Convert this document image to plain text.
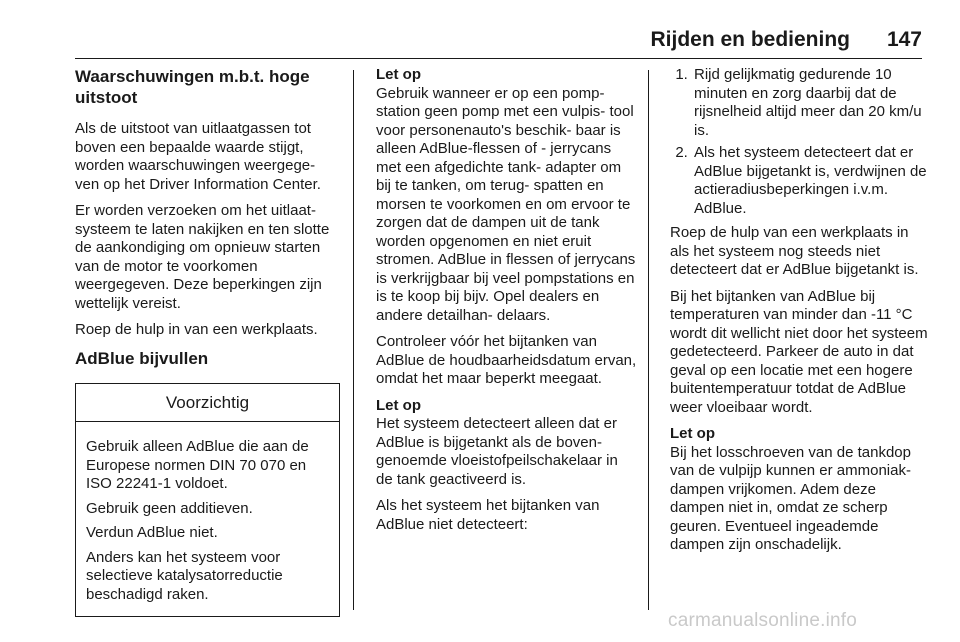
Rijden en bediening 147
Waarschuwingen m.b.t. hoge uitstoot

Als de uitstoot van uitlaatgassen tot boven een bepaalde waarde stijgt, worden waarschuwingen weergege‑ ven op het Driver Information Center.

Er worden verzoeken om het uitlaat‑ systeem te laten nakijken en ten slotte de aankondiging om opnieuw starten van de motor te voorkomen weergegeven. Deze beperkingen zijn wettelijk vereist.

Roep de hulp in van een werkplaats.

AdBlue bijvullen
Voorzichtig

Gebruik alleen AdBlue die aan de Europese normen DIN 70 070 en ISO 22241-1 voldoet.

Gebruik geen additieven.

Verdun AdBlue niet.

Anders kan het systeem voor selectieve katalysatorreductie beschadigd raken.

Let op
Gebruik wanneer er op een pomp‑ station geen pomp met een vulpis‑ tool voor personenauto's beschik‑ baar is alleen AdBlue-flessen of ‑ jerrycans met een afgedichte tank‑ adapter om bij te tanken, om terug‑ spatten en morsen te voorkomen en om ervoor te zorgen dat de dampen uit de tank worden opgenomen en niet eruit stromen. AdBlue in flessen of jerrycans is verkrijgbaar bij veel pompstations en is te koop bij bijv. Opel dealers en andere detailhan‑ delaars.

Controleer vóór het bijtanken van AdBlue de houdbaarheidsdatum ervan, omdat het maar beperkt meegaat.

Let op
Het systeem detecteert alleen dat er AdBlue is bijgetankt als de boven‑ genoemde vloeistofpeilschakelaar in de tank geactiveerd is.

Als het systeem het bijtanken van AdBlue niet detecteert:

1. Rijd gelijkmatig gedurende 10 minuten en zorg daarbij dat de rijsnelheid altijd meer dan 20 km/u is.
2. Als het systeem detecteert dat er AdBlue bijgetankt is, verdwijnen de actieradiusbeperkingen i.v.m. AdBlue.

Roep de hulp van een werkplaats in als het systeem nog steeds niet detecteert dat er AdBlue bijgetankt is.

Bij het bijtanken van AdBlue bij temperaturen van minder dan -11 °C wordt dit wellicht niet door het systeem gedetecteerd. Parkeer de auto in dat geval op een locatie met een hogere buitentemperatuur totdat de AdBlue weer vloeibaar wordt.

Let op
Bij het losschroeven van de tankdop van de vulpijp kunnen er ammoniak‑ dampen vrijkomen. Adem deze dampen niet in, omdat ze scherp geuren. Eventueel ingeademde dampen zijn onschadelijk.

carmanualsonline.info
